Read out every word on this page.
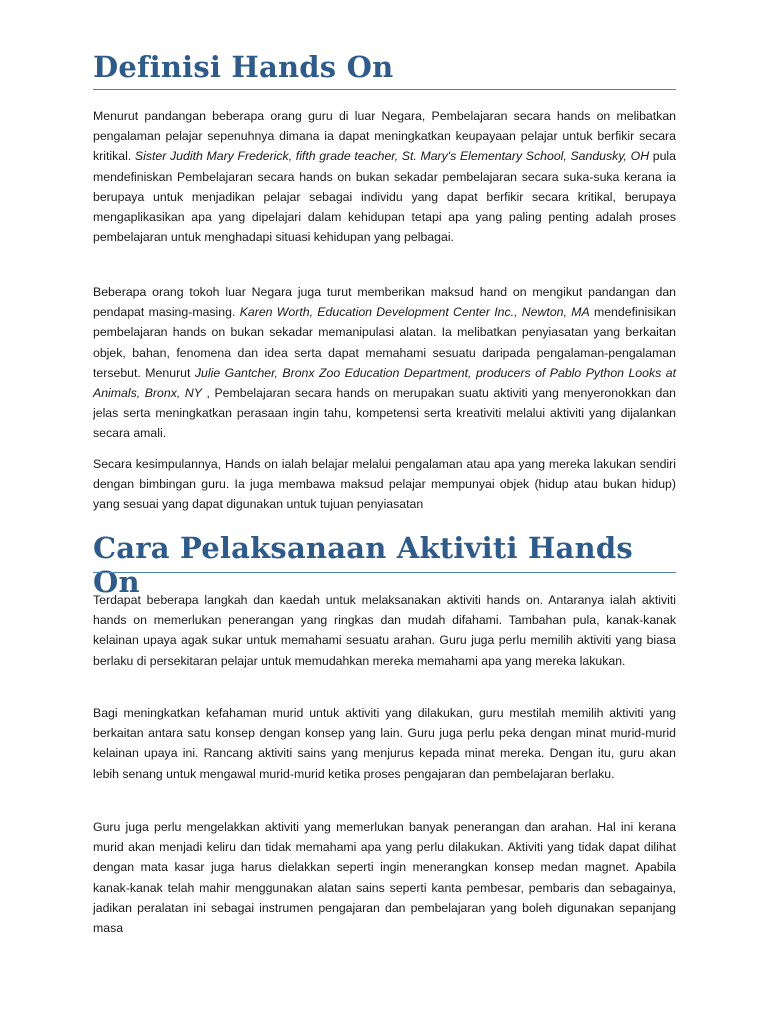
Definisi Hands On

Menurut pandangan beberapa orang guru di luar Negara, Pembelajaran secara hands on melibatkan pengalaman pelajar sepenuhnya dimana ia dapat meningkatkan keupayaan pelajar untuk berfikir secara kritikal. Sister Judith Mary Frederick, fifth grade teacher, St. Mary's Elementary School, Sandusky, OH pula mendefiniskan Pembelajaran secara hands on bukan sekadar pembelajaran secara suka-suka kerana ia berupaya untuk menjadikan pelajar sebagai individu yang dapat berfikir secara kritikal, berupaya mengaplikasikan apa yang dipelajari dalam kehidupan tetapi apa yang paling penting adalah proses pembelajaran untuk menghadapi situasi kehidupan yang pelbagai.

Beberapa orang tokoh luar Negara juga turut memberikan maksud hand on mengikut pandangan dan pendapat masing-masing. Karen Worth, Education Development Center Inc., Newton, MA mendefinisikan pembelajaran hands on bukan sekadar memanipulasi alatan. Ia melibatkan penyiasatan yang berkaitan objek, bahan, fenomena dan idea serta dapat memahami sesuatu daripada pengalaman-pengalaman tersebut. Menurut Julie Gantcher, Bronx Zoo Education Department, producers of Pablo Python Looks at Animals, Bronx, NY , Pembelajaran secara hands on merupakan suatu aktiviti yang menyeronokkan dan jelas serta meningkatkan perasaan ingin tahu, kompetensi serta kreativiti melalui aktiviti yang dijalankan secara amali.

Secara kesimpulannya, Hands on ialah belajar melalui pengalaman atau apa yang mereka lakukan sendiri dengan bimbingan guru. Ia juga membawa maksud pelajar mempunyai objek (hidup atau bukan hidup) yang sesuai yang dapat digunakan untuk tujuan penyiasatan

Cara Pelaksanaan Aktiviti Hands On

Terdapat beberapa langkah dan kaedah untuk melaksanakan aktiviti hands on. Antaranya ialah aktiviti hands on memerlukan penerangan yang ringkas dan mudah difahami. Tambahan pula, kanak-kanak kelainan upaya agak sukar untuk memahami sesuatu arahan. Guru juga perlu memilih aktiviti yang biasa berlaku di persekitaran pelajar untuk memudahkan mereka memahami apa yang mereka lakukan.

Bagi meningkatkan kefahaman murid untuk aktiviti yang dilakukan, guru mestilah memilih aktiviti yang berkaitan antara satu konsep dengan konsep yang lain. Guru juga perlu peka dengan minat murid-murid kelainan upaya ini. Rancang aktiviti sains yang menjurus kepada minat mereka. Dengan itu, guru akan lebih senang untuk mengawal murid-murid ketika proses pengajaran dan pembelajaran berlaku.

Guru juga perlu mengelakkan aktiviti yang memerlukan banyak penerangan dan arahan. Hal ini kerana murid akan menjadi keliru dan tidak memahami apa yang perlu dilakukan. Aktiviti yang tidak dapat dilihat dengan mata kasar juga harus dielakkan seperti ingin menerangkan konsep medan magnet. Apabila kanak-kanak telah mahir menggunakan alatan sains seperti kanta pembesar, pembaris dan sebagainya, jadikan peralatan ini sebagai instrumen pengajaran dan pembelajaran yang boleh digunakan sepanjang masa
